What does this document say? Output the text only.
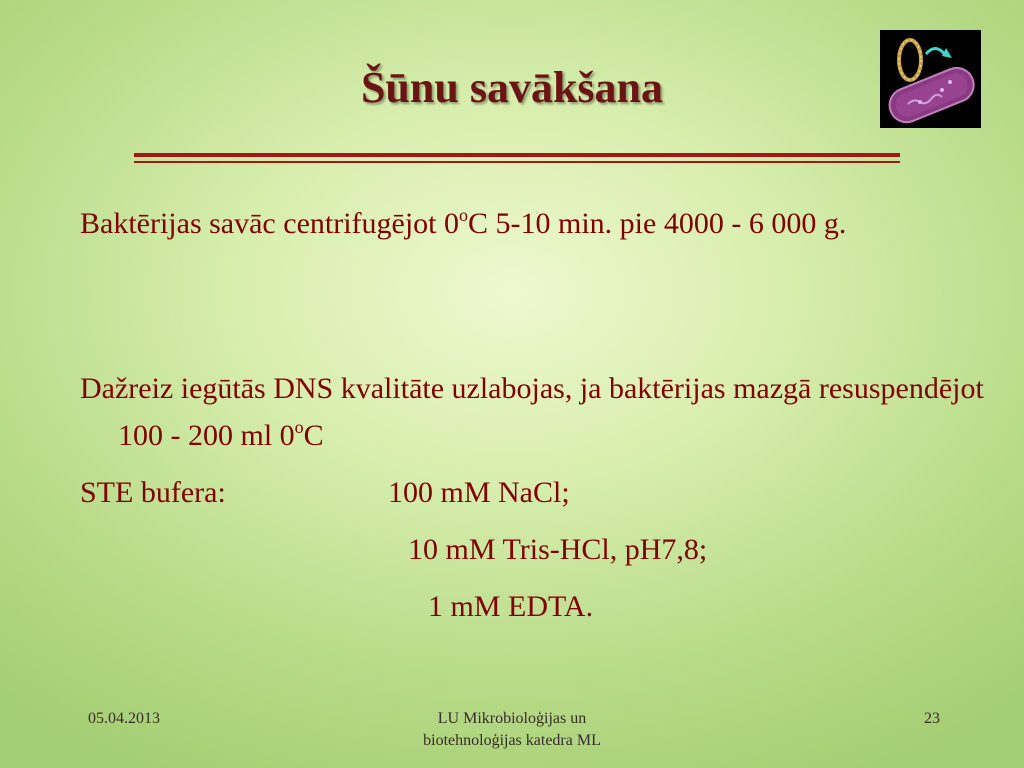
Šūnu savākšana
Baktērijas savāc centrifugējot 0$^o$C 5-10 min. pie 4000 - 6 000 g.
Dažreiz iegūtās DNS kvalitāte uzlabojas, ja baktērijas mazgā resuspendējot 100 - 200 ml 0$^o$C
STE bufera:	100 mM NaCl;
10 mM Tris-HCl, pH7,8;
1 mM EDTA.
05.04.2013	LU Mikrobioloģijas un
biotehnoloģijas katedra ML
23
